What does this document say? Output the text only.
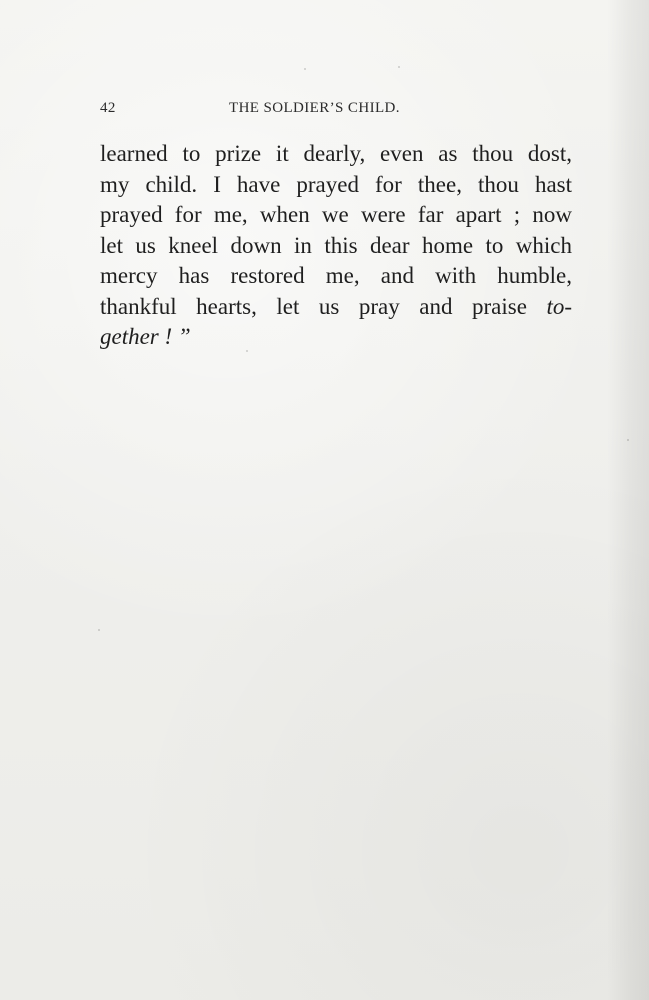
42	THE SOLDIER’S CHILD.
learned to prize it dearly, even as thou dost,
my child. I have prayed for thee, thou hast
prayed for me, when we were far apart ; now
let us kneel down in this dear home to which
mercy has restored me, and with humble,
thankful hearts, let us pray and praise to-
gether ! ”
